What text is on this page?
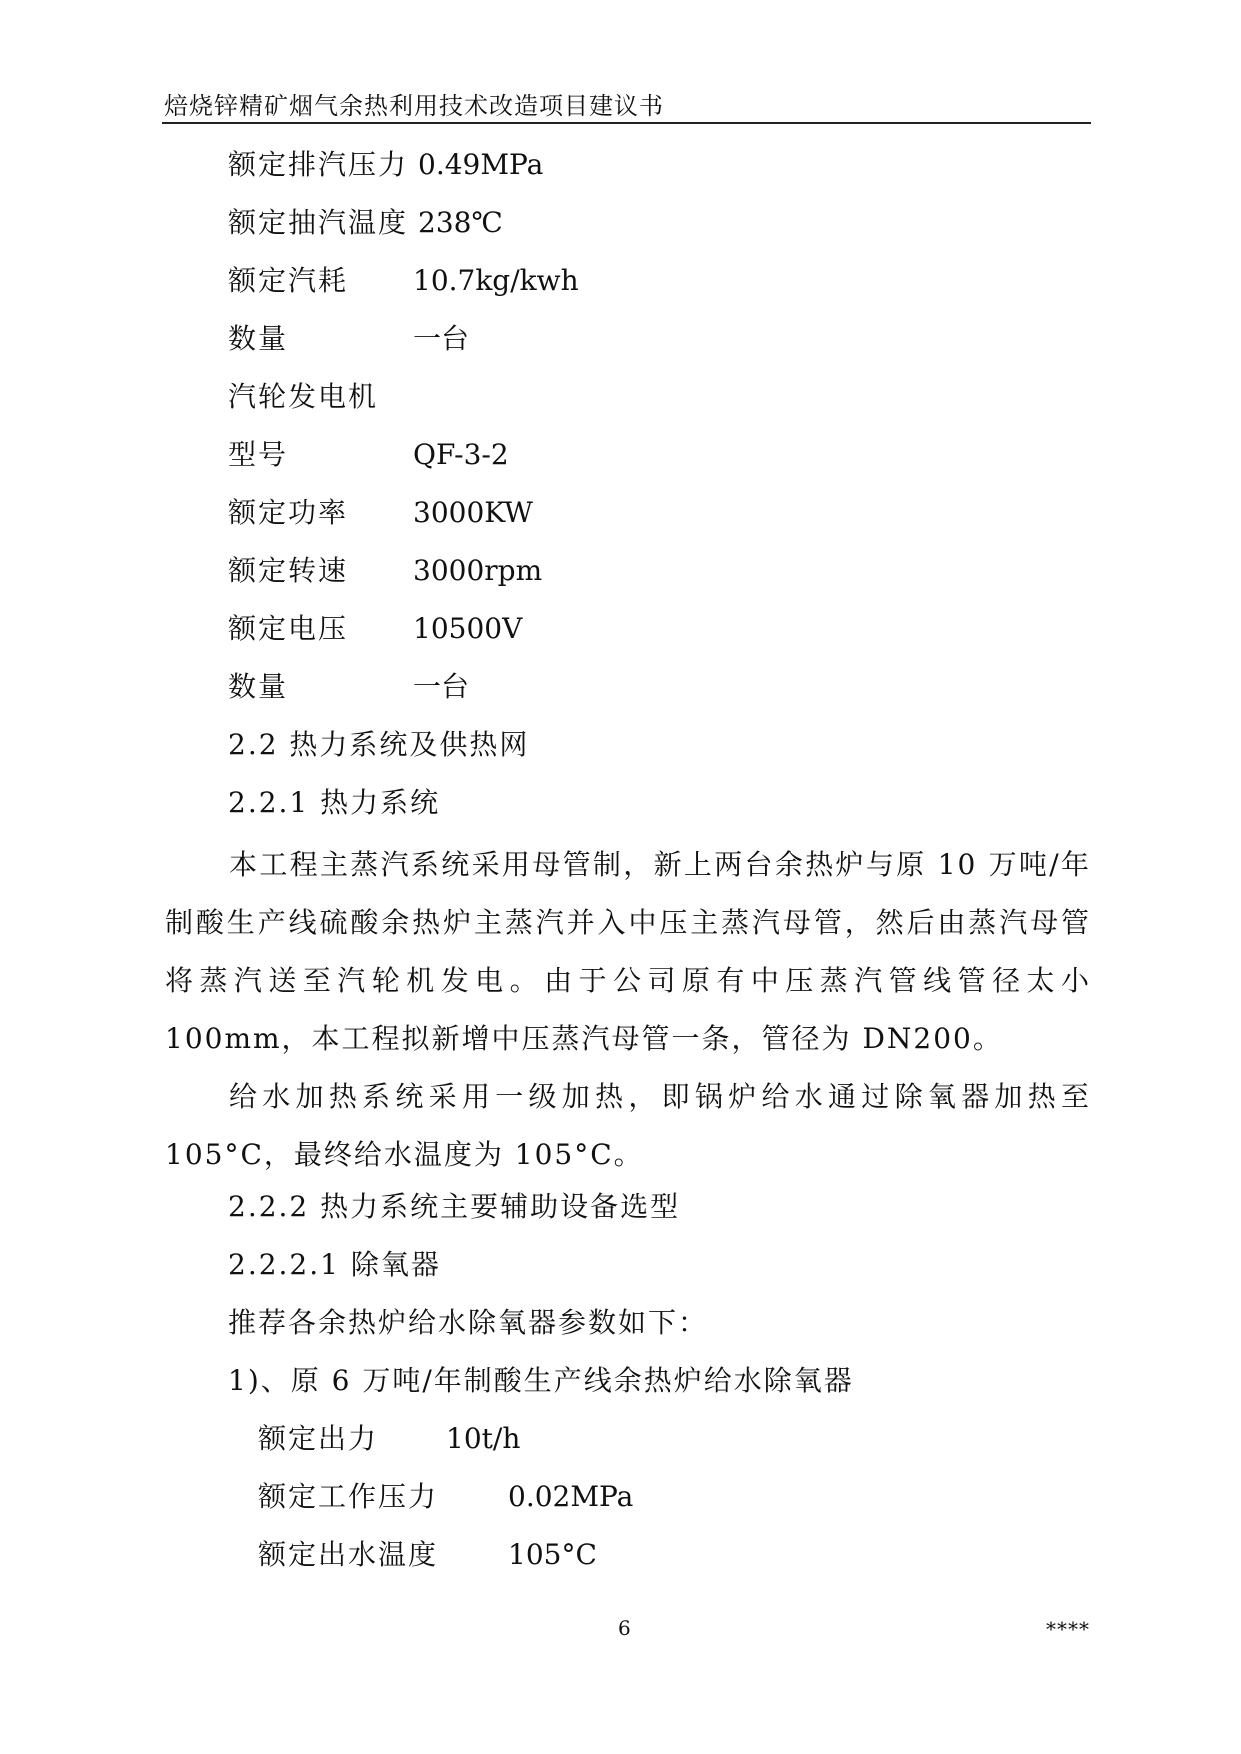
焙烧锌精矿烟气余热利用技术改造项目建议书
额定排汽压力 0.49MPa
额定抽汽温度 238℃
额定汽耗 10.7kg/kwh
数量	一台
汽轮发电机
型号	QF-3-2
额定功率 3000KW
额定转速 3000rpm
额定电压 10500V
数量	一台
2.2 热力系统及供热网
2.2.1 热力系统
本工程主蒸汽系统采用母管制，新上两台余热炉与原 10 万吨/年制酸生产线硫酸余热炉主蒸汽并入中压主蒸汽母管，然后由蒸汽母管将蒸汽送至汽轮机发电。由于公司原有中压蒸汽管线管径太小 100mm，本工程拟新增中压蒸汽母管一条，管径为 DN200。
给水加热系统采用一级加热，即锅炉给水通过除氧器加热至 105°C，最终给水温度为 105°C。
2.2.2 热力系统主要辅助设备选型
2.2.2.1 除氧器
推荐各余热炉给水除氧器参数如下：
1)、原 6 万吨/年制酸生产线余热炉给水除氧器
额定出力 10t/h
额定工作压力 0.02MPa
额定出水温度 105°C
6	****
